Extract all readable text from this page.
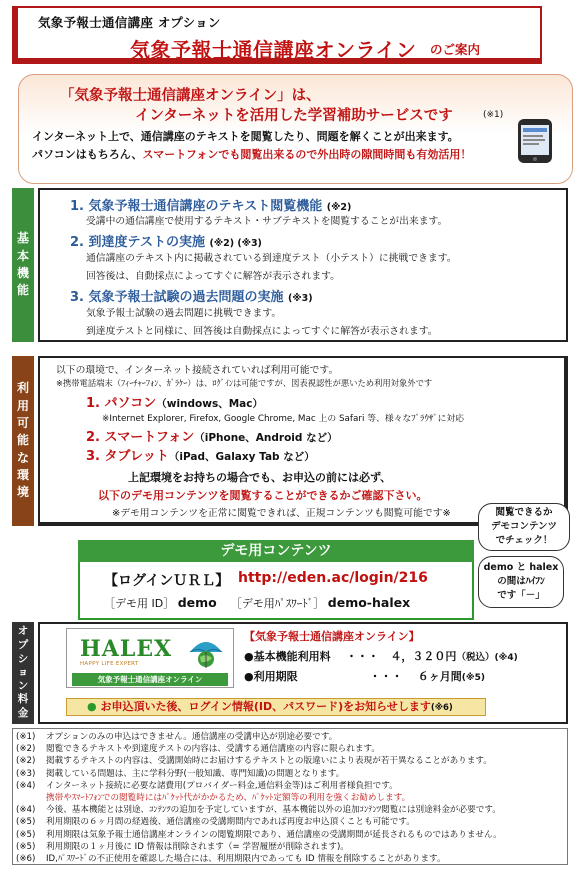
気象予報士通信講座 オプション
気象予報士通信講座オンライン のご案内
「気象予報士通信講座オンライン」は、
インターネットを活用した学習補助サービスです	(※1)
インターネット上で、通信講座のテキストを閲覧したり、問題を解くことが出来ます。
パソコンはもちろん、スマートフォンでも閲覧出来るので外出時の隙間時間も有効活用！
基
本
機
能
1. 気象予報士通信講座のテキスト閲覧機能 (※2)
受講中の通信講座で使用するテキスト・サブテキストを閲覧することが出来ます。
2. 到達度テストの実施 (※2) (※3)
通信講座のテキスト内に掲載されている到達度テスト（小テスト）に挑戦できます。
回答後は、自動採点によってすぐに解答が表示されます。
3. 気象予報士試験の過去問題の実施 (※3)
気象予報士試験の過去問題に挑戦できます。
到達度テストと同様に、回答後は自動採点によってすぐに解答が表示されます。
利
用
可
能
な
環
境
以下の環境で、インターネット接続されていれば利用可能です。
※携帯電話端末（ﾌｨｰﾁｬｰﾌｫﾝ、ｶﾞﾗｹｰ）は、ﾛｸﾞｲﾝは可能ですが、図表視認性が悪いため利用対象外です
1. パソコン（windows、Mac）
※Internet Explorer, Firefox, Google Chrome, Mac 上の Safari 等、様々なﾌﾞﾗｳｻﾞに対応
2. スマートフォン（iPhone、Android など）
3. タブレット（iPad、Galaxy Tab など）
上記環境をお持ちの場合でも、お申込の前には必ず、
以下のデモ用コンテンツを閲覧することができるかご確認下さい。
※デモ用コンテンツを正常に閲覧できれば、正規コンテンツも閲覧可能です※	閲覧できるか
デモコンテンツ
でチェック！
demo と halex
の間はﾊｲﾌﾝ
です「－」
デモ用コンテンツ
【ログインＵＲＬ】 http://eden.ac/login/216
［デモ用 ID］ demo ［デモ用ﾊﾟｽﾜｰﾄﾞ］ demo-halex
オ
プ
シ
ョ
ン
料
金
HALEX
HAPPY LIFE EXPERT
気象予報士通信講座オンライン
【気象予報士通信講座オンライン】
●基本機能利用料 ・・・ ４，３２０円（税込）(※4)
●利用期限	・・・ ６ヶ月間(※5)
● お申込頂いた後、ログイン情報(ID、パスワード)をお知らせします(※6)
(※1) オプションのみの申込はできません。通信講座の受講申込が別途必要です。
(※2) 閲覧できるテキストや到達度テストの内容は、受講する通信講座の内容に限られます。
(※2) 掲載するテキストの内容は、受講開始時にお届けするテキストとの版違いにより表現が若干異なることがあります。
(※3) 掲載している問題は、主に学科分野(一般知識、専門知識)の問題となります。
(※4) インターネット接続に必要な諸費用(プロバイダー料金,通信料金等)はご利用者様負担です。
携帯やｽﾏｰﾄﾌｫﾝでの閲覧時にはﾊﾟｹｯﾄ代がかかるため、ﾊﾟｹｯﾄ定額等の利用を強くお勧めします。
(※4) 今後、基本機能とは別途、ｺﾝﾃﾝﾂの追加を予定していますが、基本機能以外の追加ｺﾝﾃﾝﾂ閲覧には別途料金が必要です。
(※5) 利用期限の６ヶ月間の経過後、通信講座の受講期間内であれば再度お申込頂くことも可能です。
(※5) 利用期限は気象予報士通信講座オンラインの閲覧期限であり、通信講座の受講期間が延長されるものではありません。
(※5) 利用期限の１ヶ月後に ID 情報は削除されます（= 学習履歴が削除されます)。
(※6) ID,ﾊﾟｽﾜｰﾄﾞの不正使用を確認した場合には、利用期限内であっても ID 情報を削除することがあります。
